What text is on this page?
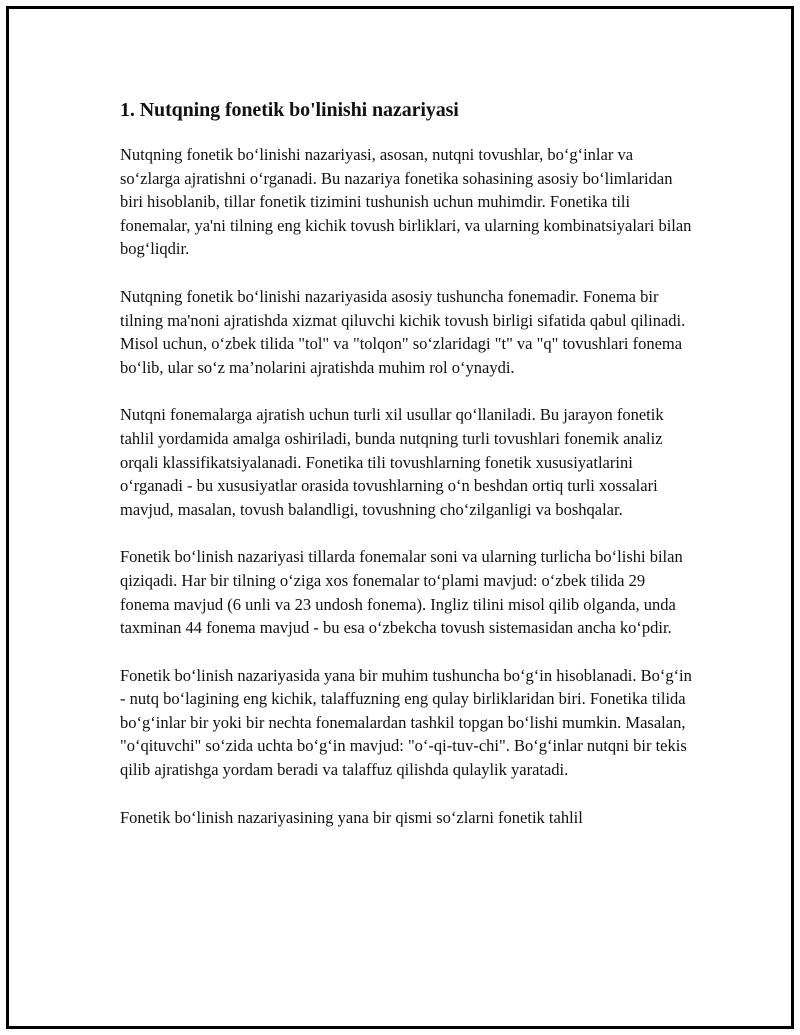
1. Nutqning fonetik bo'linishi nazariyasi

Nutqning fonetik bo‘linishi nazariyasi, asosan, nutqni tovushlar, bo‘g‘inlar va so‘zlarga ajratishni o‘rganadi. Bu nazariya fonetika sohasining asosiy bo‘limlaridan biri hisoblanib, tillar fonetik tizimini tushunish uchun muhimdir. Fonetika tili fonemalar, ya'ni tilning eng kichik tovush birliklari, va ularning kombinatsiyalari bilan bog‘liqdir.

Nutqning fonetik bo‘linishi nazariyasida asosiy tushuncha fonemadir. Fonema bir tilning ma'noni ajratishda xizmat qiluvchi kichik tovush birligi sifatida qabul qilinadi. Misol uchun, o‘zbek tilida "tol" va "tolqon" so‘zlaridagi "t" va "q" tovushlari fonema bo‘lib, ular so‘z ma’nolarini ajratishda muhim rol o‘ynaydi.

Nutqni fonemalarga ajratish uchun turli xil usullar qo‘llaniladi. Bu jarayon fonetik tahlil yordamida amalga oshiriladi, bunda nutqning turli tovushlari fonemik analiz orqali klassifikatsiyalanadi. Fonetika tili tovushlarning fonetik xususiyatlarini o‘rganadi - bu xususiyatlar orasida tovushlarning o‘n beshdan ortiq turli xossalari mavjud, masalan, tovush balandligi, tovushning cho‘zilganligi va boshqalar.

Fonetik bo‘linish nazariyasi tillarda fonemalar soni va ularning turlicha bo‘lishi bilan qiziqadi. Har bir tilning o‘ziga xos fonemalar to‘plami mavjud: o‘zbek tilida 29 fonema mavjud (6 unli va 23 undosh fonema). Ingliz tilini misol qilib olganda, unda taxminan 44 fonema mavjud - bu esa o‘zbekcha tovush sistemasidan ancha ko‘pdir.

Fonetik bo‘linish nazariyasida yana bir muhim tushuncha bo‘g‘in hisoblanadi. Bo‘g‘in - nutq bo‘lagining eng kichik, talaffuzning eng qulay birliklaridan biri. Fonetika tilida bo‘g‘inlar bir yoki bir nechta fonemalardan tashkil topgan bo‘lishi mumkin. Masalan, "o‘qituvchi" so‘zida uchta bo‘g‘in mavjud: "o‘-qi-tuv-chi". Bo‘g‘inlar nutqni bir tekis qilib ajratishga yordam beradi va talaffuz qilishda qulaylik yaratadi.

Fonetik bo‘linish nazariyasining yana bir qismi so‘zlarni fonetik tahlil
